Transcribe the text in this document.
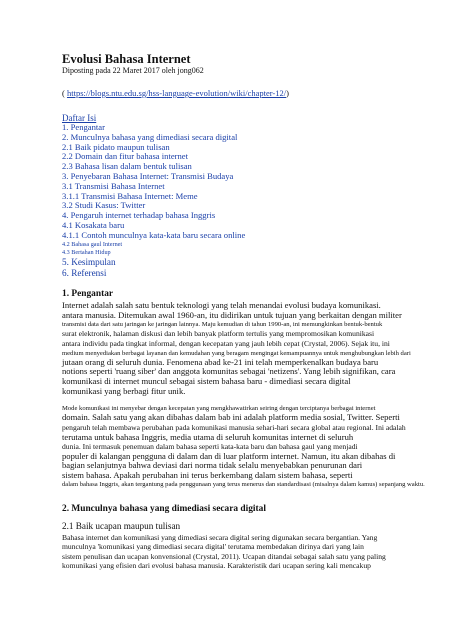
Evolusi Bahasa Internet
Diposting pada 22 Maret 2017 oleh jong062
( https://blogs.ntu.edu.sg/hss-language-evolution/wiki/chapter-12/)
Daftar Isi
1. Pengantar
2. Munculnya bahasa yang dimediasi secara digital
2.1 Baik pidato maupun tulisan
2.2 Domain dan fitur bahasa internet
2.3 Bahasa lisan dalam bentuk tulisan
3. Penyebaran Bahasa Internet: Transmisi Budaya
3.1 Transmisi Bahasa Internet
3.1.1 Transmisi Bahasa Internet: Meme
3.2 Studi Kasus: Twitter
4. Pengaruh internet terhadap bahasa Inggris
4.1 Kosakata baru
4.1.1 Contoh munculnya kata-kata baru secara online
4.2 Bahasa gaul Internet
4.3 Bertahan Hidup
5. Kesimpulan
6. Referensi
1. Pengantar
Internet adalah salah satu bentuk teknologi yang telah menandai evolusi budaya komunikasi.
antara manusia. Ditemukan awal 1960-an, itu didirikan untuk tujuan yang berkaitan dengan militer
transmisi data dari satu jaringan ke jaringan lainnya. Maju kemudian di tahun 1990-an, ini memungkinkan bentuk-bentuk
surat elektronik, halaman diskusi dan lebih banyak platform tertulis yang mempromosikan komunikasi
antara individu pada tingkat informal, dengan kecepatan yang jauh lebih cepat (Crystal, 2006). Sejak itu, ini
medium menyediakan berbagai layanan dan kemudahan yang beragam mengingat kemampuannya untuk menghubungkan lebih dari
jutaan orang di seluruh dunia. Fenomena abad ke-21 ini telah memperkenalkan budaya baru
notions seperti 'ruang siber' dan anggota komunitas sebagai 'netizens'. Yang lebih signifikan, cara
komunikasi di internet muncul sebagai sistem bahasa baru - dimediasi secara digital
komunikasi yang berbagi fitur unik.
Mode komunikasi ini menyebar dengan kecepatan yang mengkhawatirkan seiring dengan terciptanya berbagai internet
domain. Salah satu yang akan dibahas dalam bab ini adalah platform media sosial, Twitter. Seperti
pengaruh telah membawa perubahan pada komunikasi manusia sehari-hari secara global atau regional. Ini adalah
terutama untuk bahasa Inggris, media utama di seluruh komunitas internet di seluruh
dunia. Ini termasuk penemuan dalam bahasa seperti kata-kata baru dan bahasa gaul yang menjadi
populer di kalangan pengguna di dalam dan di luar platform internet. Namun, itu akan dibahas di
bagian selanjutnya bahwa deviasi dari norma tidak selalu menyebabkan penurunan dari
sistem bahasa. Apakah perubahan ini terus berkembang dalam sistem bahasa, seperti
dalam bahasa Inggris, akan tergantung pada penggunaan yang terus menerus dan standardisasi (misalnya dalam kamus) sepanjang waktu.
2. Munculnya bahasa yang dimediasi secara digital
2.1 Baik ucapan maupun tulisan
Bahasa internet dan komunikasi yang dimediasi secara digital sering digunakan secara bergantian. Yang
munculnya 'komunikasi yang dimediasi secara digital' terutama membedakan dirinya dari yang lain
sistem penulisan dan ucapan konvensional (Crystal, 2011). Ucapan ditandai sebagai salah satu yang paling
komunikasi yang efisien dari evolusi bahasa manusia. Karakteristik dari ucapan sering kali mencakup
